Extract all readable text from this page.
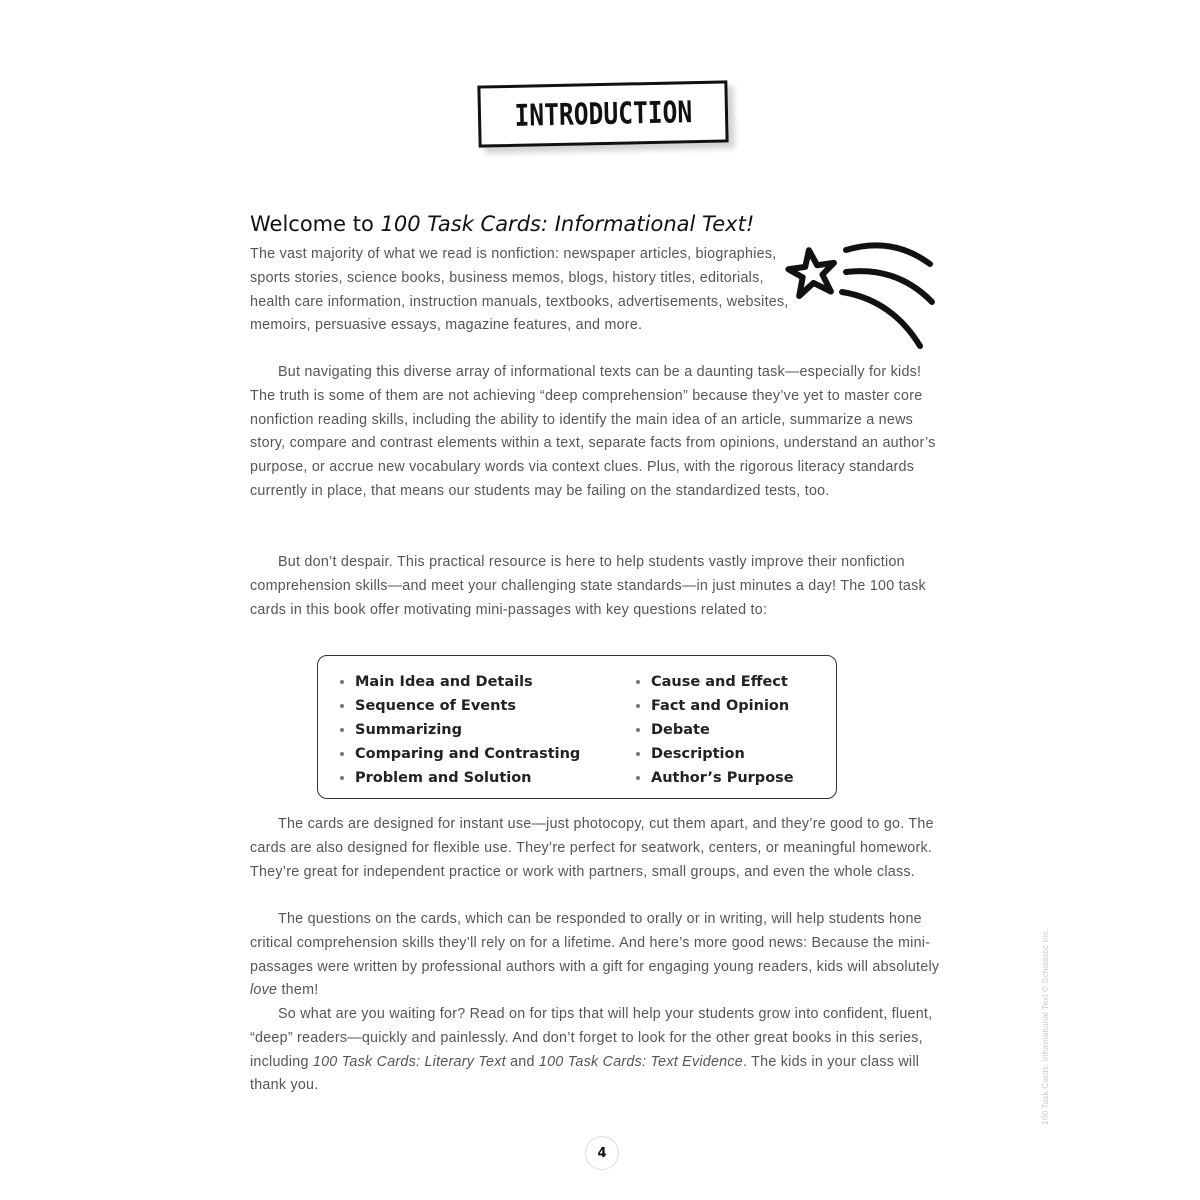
INTRODUCTION
Welcome to 100 Task Cards: Informational Text!

The vast majority of what we read is nonfiction: newspaper articles, biographies, sports stories, science books, business memos, blogs, history titles, editorials, health care information, instruction manuals, textbooks, advertisements, websites, memoirs, persuasive essays, magazine features, and more.

But navigating this diverse array of informational texts can be a daunting task—especially for kids! The truth is some of them are not achieving “deep comprehension” because they’ve yet to master core nonfiction reading skills, including the ability to identify the main idea of an article, summarize a news story, compare and contrast elements within a text, separate facts from opinions, understand an author’s purpose, or accrue new vocabulary words via context clues. Plus, with the rigorous literacy standards currently in place, that means our students may be failing on the standardized tests, too.

But don’t despair. This practical resource is here to help students vastly improve their nonfiction comprehension skills—and meet your challenging state standards—in just minutes a day! The 100 task cards in this book offer motivating mini-passages with key questions related to:

Main Idea and Details
Sequence of Events
Summarizing
Comparing and Contrasting
Problem and Solution
Cause and Effect
Fact and Opinion
Debate
Description
Author’s Purpose

The cards are designed for instant use—just photocopy, cut them apart, and they’re good to go. The cards are also designed for flexible use. They’re perfect for seatwork, centers, or meaningful homework. They’re great for independent practice or work with partners, small groups, and even the whole class.

The questions on the cards, which can be responded to orally or in writing, will help students hone critical comprehension skills they’ll rely on for a lifetime. And here’s more good news: Because the mini-passages were written by professional authors with a gift for engaging young readers, kids will absolutely love them!

So what are you waiting for? Read on for tips that will help your students grow into confident, fluent, “deep” readers—quickly and painlessly. And don’t forget to look for the other great books in this series, including 100 Task Cards: Literary Text and 100 Task Cards: Text Evidence. The kids in your class will thank you.

4
100 Task Cards: Informational Text © Scholastic Inc.
